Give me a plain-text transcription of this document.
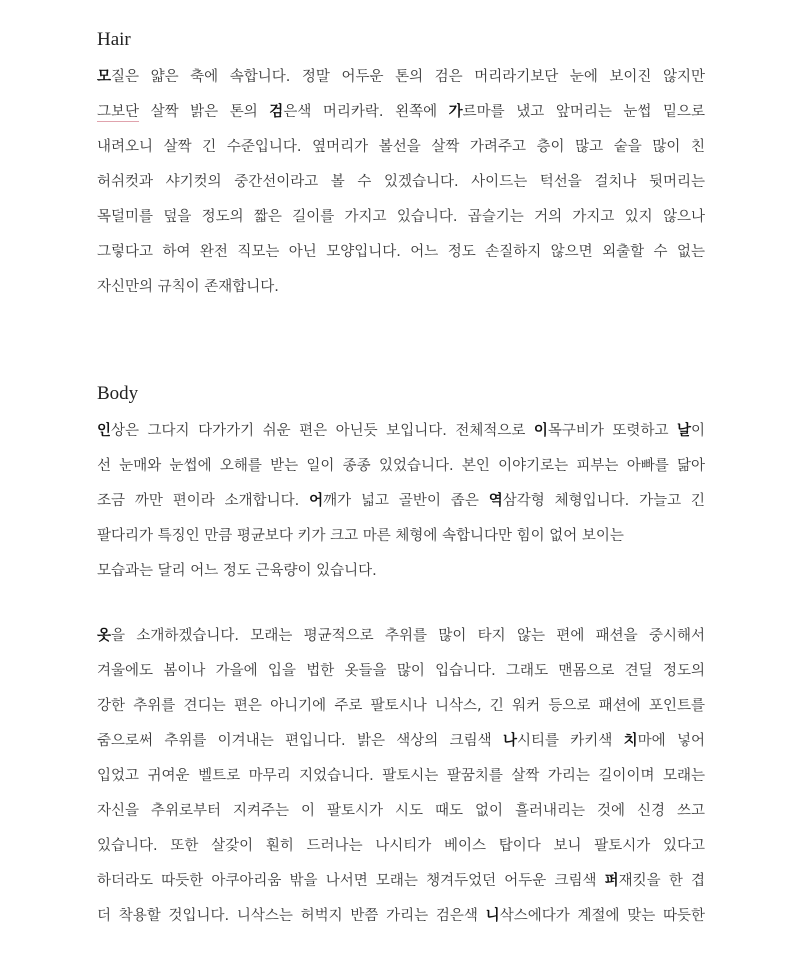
Hair
모질은 얇은 축에 속합니다. 정말 어두운 톤의 검은 머리라기보단 눈에 보이진 않지만
그보단 살짝 밝은 톤의 검은색 머리카락. 왼쪽에 가르마를 냈고 앞머리는 눈썹 밑으로
내려오니 살짝 긴 수준입니다. 옆머리가 볼선을 살짝 가려주고 층이 많고 숱을 많이 친
허쉬컷과 샤기컷의 중간선이라고 볼 수 있겠습니다. 사이드는 턱선을 걸치나 뒷머리는
목덜미를 덮을 정도의 짧은 길이를 가지고 있습니다. 곱슬기는 거의 가지고 있지 않으나
그렇다고 하여 완전 직모는 아닌 모양입니다. 어느 정도 손질하지 않으면 외출할 수 없는
자신만의 규칙이 존재합니다.
Body
인상은 그다지 다가가기 쉬운 편은 아닌듯 보입니다. 전체적으로 이목구비가 또렷하고 날이
선 눈매와 눈썹에 오해를 받는 일이 종종 있었습니다. 본인 이야기로는 피부는 아빠를 닮아
조금 까만 편이라 소개합니다. 어깨가 넓고 골반이 좁은 역삼각형 체형입니다. 가늘고 긴
팔다리가 특징인 만큼 평균보다 키가 크고 마른 체형에 속합니다만 힘이 없어 보이는
모습과는 달리 어느 정도 근육량이 있습니다.
옷을 소개하겠습니다. 모래는 평균적으로 추위를 많이 타지 않는 편에 패션을 중시해서
겨울에도 봄이나 가을에 입을 법한 옷들을 많이 입습니다. 그래도 맨몸으로 견딜 정도의
강한 추위를 견디는 편은 아니기에 주로 팔토시나 니삭스, 긴 워커 등으로 패션에 포인트를
줌으로써 추위를 이겨내는 편입니다. 밝은 색상의 크림색 나시티를 카키색 치마에 넣어
입었고 귀여운 벨트로 마무리 지었습니다. 팔토시는 팔꿈치를 살짝 가리는 길이이며 모래는
자신을 추위로부터 지켜주는 이 팔토시가 시도 때도 없이 흘러내리는 것에 신경 쓰고
있습니다. 또한 살갗이 훤히 드러나는 나시티가 베이스 탑이다 보니 팔토시가 있다고
하더라도 따듯한 아쿠아리움 밖을 나서면 모래는 챙겨두었던 어두운 크림색 퍼재킷을 한 겹
더 착용할 것입니다. 니삭스는 허벅지 반쯤 가리는 검은색 니삭스에다가 계절에 맞는 따듯한
